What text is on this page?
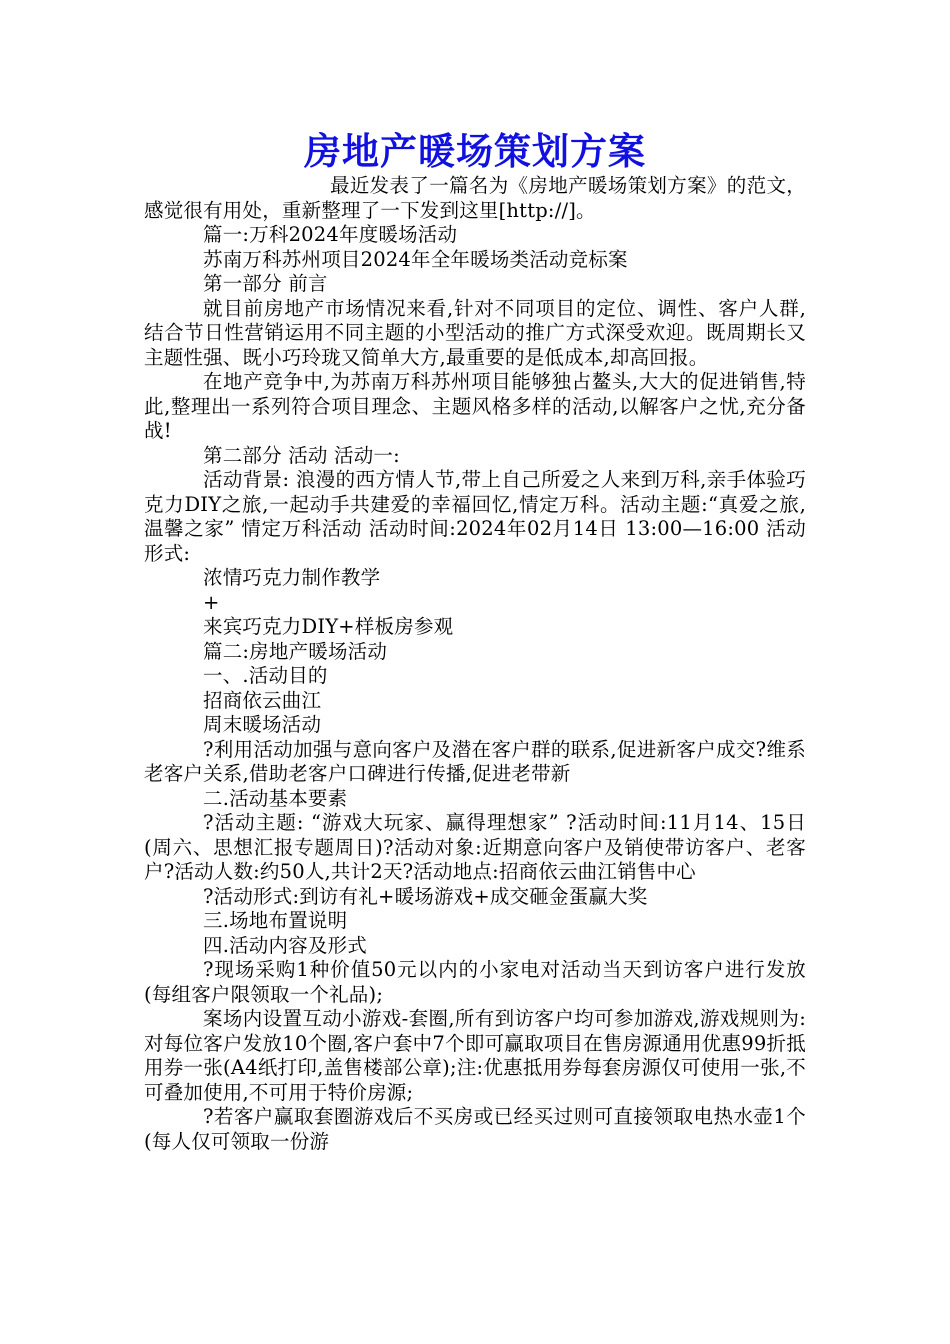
房地产暖场策划方案

最近发表了一篇名为《房地产暖场策划方案》的范文，感觉很有用处，重新整理了一下发到这里[http://]。

篇一:万科2024年度暖场活动

苏南万科苏州项目2024年全年暖场类活动竞标案

第一部分 前言

就目前房地产市场情况来看,针对不同项目的定位、调性、客户人群,结合节日性营销运用不同主题的小型活动的推广方式深受欢迎。既周期长又主题性强、既小巧玲珑又简单大方,最重要的是低成本,却高回报。

在地产竞争中,为苏南万科苏州项目能够独占鳌头,大大的促进销售,特此,整理出一系列符合项目理念、主题风格多样的活动,以解客户之忧,充分备战!

第二部分 活动 活动一:

活动背景: 浪漫的西方情人节,带上自己所爱之人来到万科,亲手体验巧克力DIY之旅,一起动手共建爱的幸福回忆,情定万科。活动主题:“真爱之旅,温馨之家” 情定万科活动 活动时间:2024年02月14日 13:00—16:00 活动形式:

浓情巧克力制作教学

+

来宾巧克力DIY+样板房参观

篇二:房地产暖场活动

一、.活动目的

招商依云曲江

周末暖场活动

?利用活动加强与意向客户及潜在客户群的联系,促进新客户成交?维系老客户关系,借助老客户口碑进行传播,促进老带新

二.活动基本要素

?活动主题: “游戏大玩家、赢得理想家” ?活动时间:11月14、15日(周六、思想汇报专题周日)?活动对象:近期意向客户及销使带访客户、老客户?活动人数:约50人,共计2天?活动地点:招商依云曲江销售中心

?活动形式:到访有礼+暖场游戏+成交砸金蛋赢大奖

三.场地布置说明

四.活动内容及形式

?现场采购1种价值50元以内的小家电对活动当天到访客户进行发放(每组客户限领取一个礼品);

案场内设置互动小游戏-套圈,所有到访客户均可参加游戏,游戏规则为:对每位客户发放10个圈,客户套中7个即可赢取项目在售房源通用优惠99折抵用券一张(A4纸打印,盖售楼部公章);注:优惠抵用券每套房源仅可使用一张,不可叠加使用,不可用于特价房源;

?若客户赢取套圈游戏后不买房或已经买过则可直接领取电热水壶1个(每人仅可领取一份游
